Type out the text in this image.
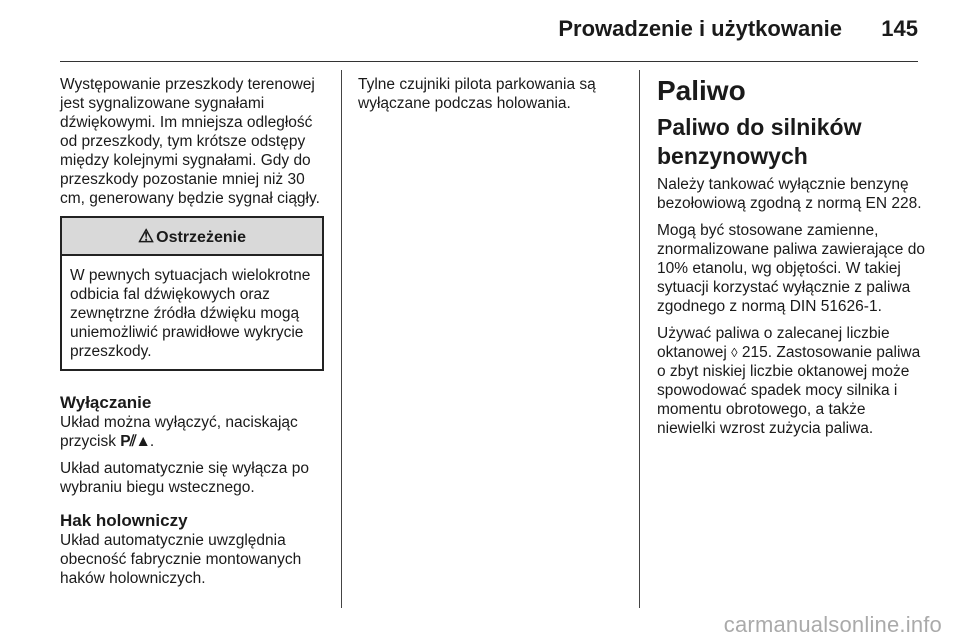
Prowadzenie i użytkowanie 145

Występowanie przeszkody terenowej jest sygnalizowane sygnałami dźwiękowymi. Im mniejsza odległość od przeszkody, tym krótsze odstępy między kolejnymi sygnałami. Gdy do przeszkody pozostanie mniej niż 30 cm, generowany będzie sygnał ciągły.

⚠ Ostrzeżenie

W pewnych sytuacjach wielokrotne odbicia fal dźwiękowych oraz zewnętrzne źródła dźwięku mogą uniemożliwić prawidłowe wykrycie przeszkody.

Wyłączanie

Układ można wyłączyć, naciskając przycisk P⫽▲.

Układ automatycznie się wyłącza po wybraniu biegu wstecznego.

Hak holowniczy

Układ automatycznie uwzględnia obecność fabrycznie montowanych haków holowniczych.

Tylne czujniki pilota parkowania są wyłączane podczas holowania.	Paliwo
Paliwo do silników benzynowych

Należy tankować wyłącznie benzynę bezołowiową zgodną z normą EN 228.

Mogą być stosowane zamienne, znormalizowane paliwa zawierające do 10% etanolu, wg objętości. W takiej sytuacji korzystać wyłącznie z paliwa zgodnego z normą DIN 51626-1.

Używać paliwa o zalecanej liczbie oktanowej ◊ 215. Zastosowanie paliwa o zbyt niskiej liczbie oktanowej może spowodować spadek mocy silnika i momentu obrotowego, a także niewielki wzrost zużycia paliwa.

carmanualsonline.info
